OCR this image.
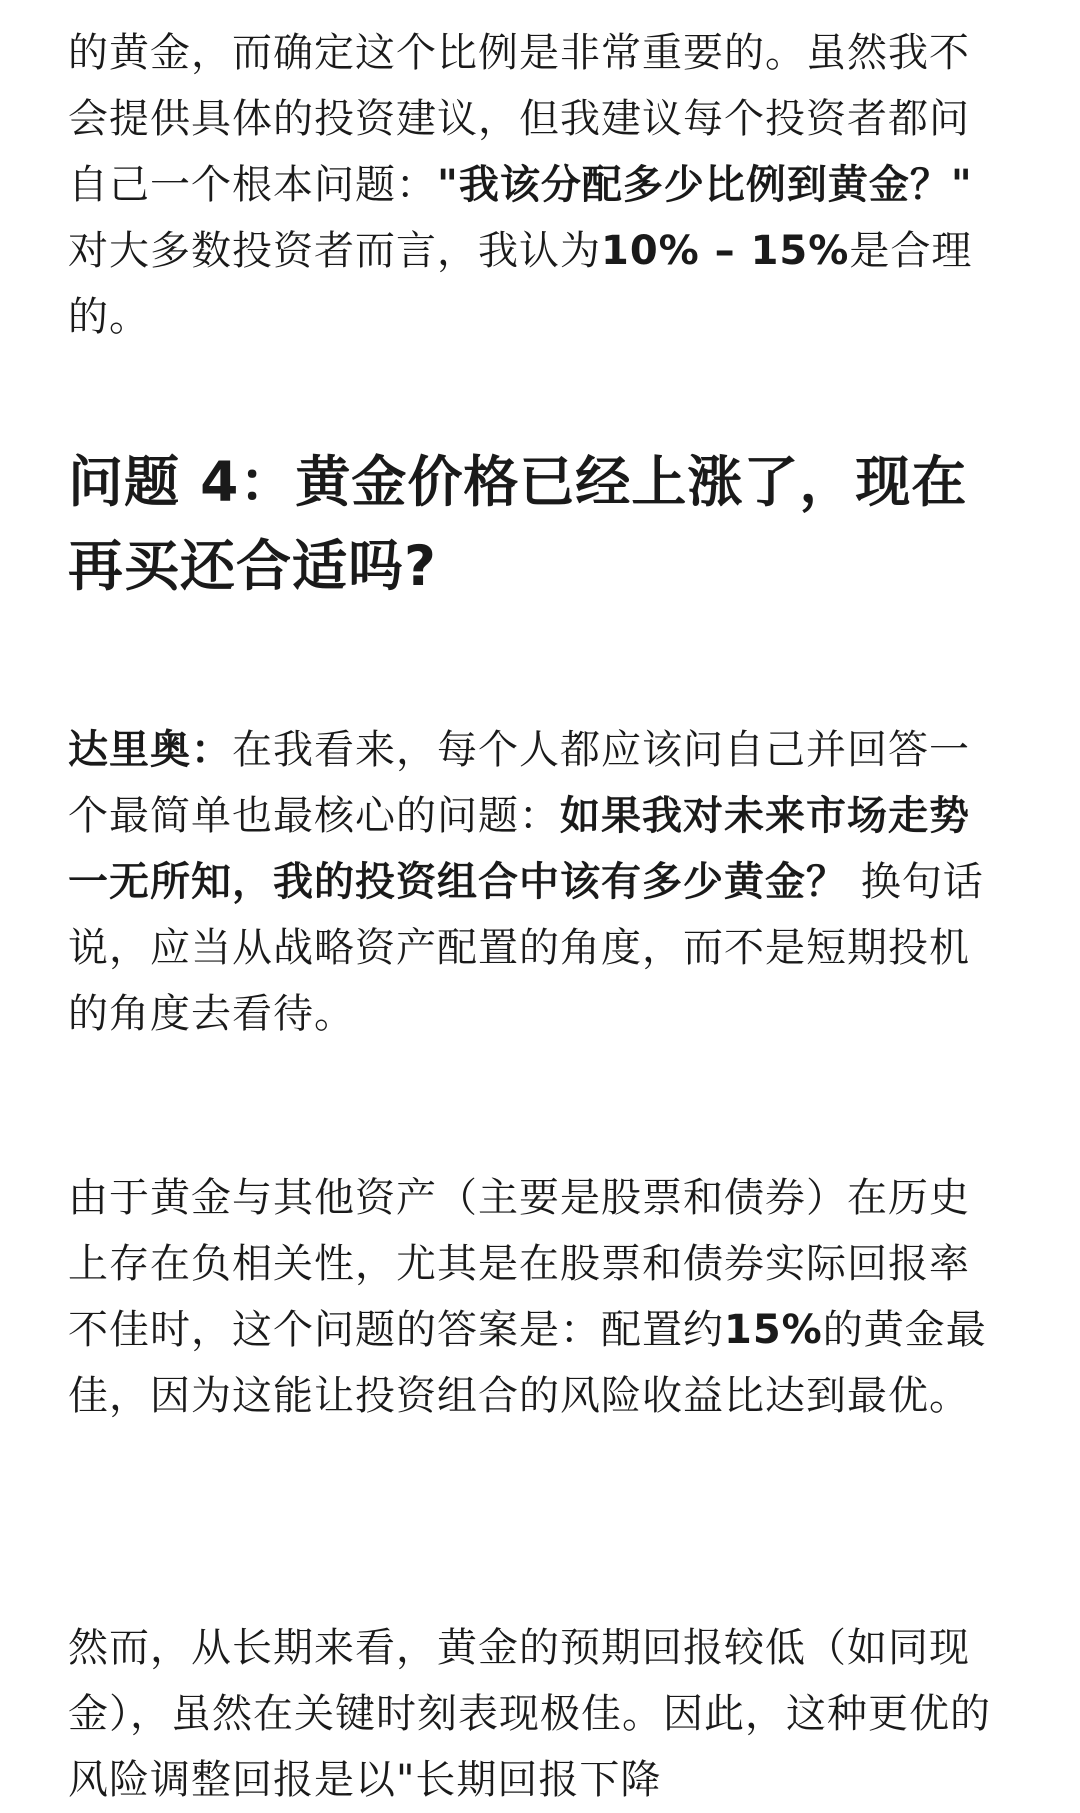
的黄金，而确定这个比例是非常重要的。虽然我不会提供具体的投资建议，但我建议每个投资者都问自己一个根本问题："我该分配多少比例到黄金？" 对大多数投资者而言，我认为10% – 15%是合理的。

问题 4：黄金价格已经上涨了，现在再买还合适吗?

达里奥：在我看来，每个人都应该问自己并回答一个最简单也最核心的问题：如果我对未来市场走势一无所知，我的投资组合中该有多少黄金？ 换句话说，应当从战略资产配置的角度，而不是短期投机的角度去看待。

由于黄金与其他资产（主要是股票和债券）在历史上存在负相关性，尤其是在股票和债券实际回报率不佳时，这个问题的答案是：配置约15%的黄金最佳，因为这能让投资组合的风险收益比达到最优。

然而，从长期来看，黄金的预期回报较低（如同现金），虽然在关键时刻表现极佳。因此，这种更优的风险调整回报是以"长期回报下降
